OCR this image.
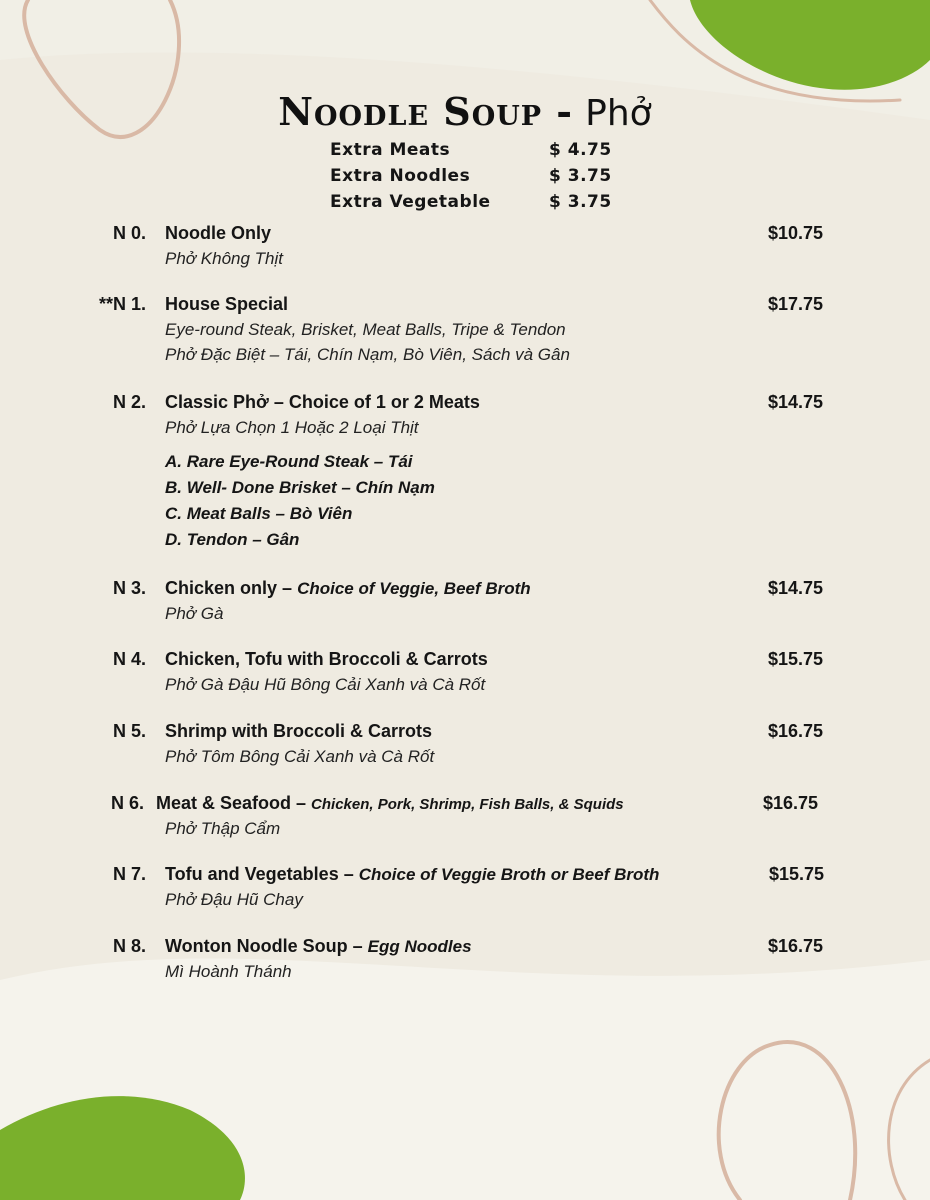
Noodle Soup - Phở
Extra Meats	$ 4.75
Extra Noodles	$ 3.75
Extra Vegetable	$ 3.75
N 0. Noodle Only	$10.75
Phở Không Thịt
**N 1. House Special	$17.75
Eye-round Steak, Brisket, Meat Balls, Tripe & Tendon
Phở Đặc Biệt – Tái, Chín Nạm, Bò Viên, Sách và Gân
N 2. Classic Phở – Choice of 1 or 2 Meats	$14.75
Phở Lựa Chọn 1 Hoặc 2 Loại Thịt
A. Rare Eye-Round Steak – Tái
B. Well- Done Brisket – Chín Nạm
C. Meat Balls – Bò Viên
D. Tendon – Gân
N 3. Chicken only – Choice of Veggie, Beef Broth	$14.75
Phở Gà
N 4. Chicken, Tofu with Broccoli & Carrots	$15.75
Phở Gà Đậu Hũ Bông Cải Xanh và Cà Rốt
N 5. Shrimp with Broccoli & Carrots	$16.75
Phở Tôm Bông Cải Xanh và Cà Rốt
N 6. Meat & Seafood – Chicken, Pork, Shrimp, Fish Balls, & Squids	$16.75
Phở Thập Cẩm
N 7. Tofu and Vegetables – Choice of Veggie Broth or Beef Broth	$15.75
Phở Đậu Hũ Chay
N 8. Wonton Noodle Soup – Egg Noodles	$16.75
Mì Hoành Thánh
